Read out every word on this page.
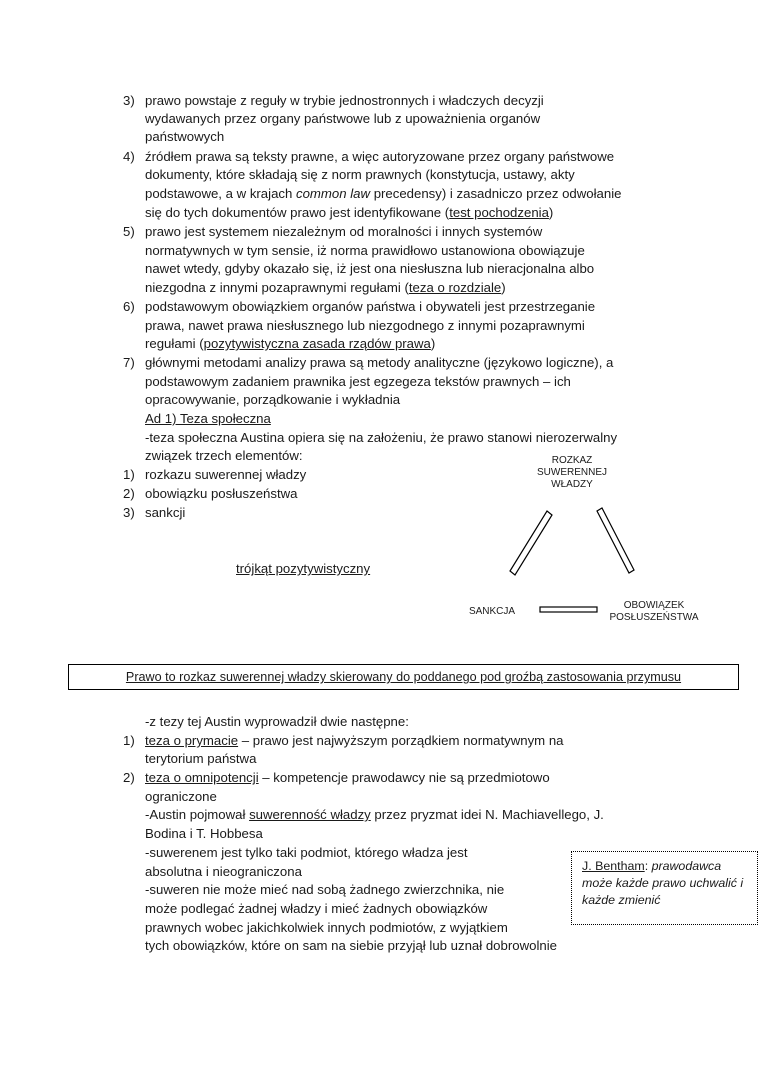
3) prawo powstaje z reguły w trybie jednostronnych i władczych decyzji
wydawanych przez organy państwowe lub z upoważnienia organów
państwowych
4) źródłem prawa są teksty prawne, a więc autoryzowane przez organy państwowe
dokumenty, które składają się z norm prawnych (konstytucja, ustawy, akty
podstawowe, a w krajach common law precedensy) i zasadniczo przez odwołanie
się do tych dokumentów prawo jest identyfikowane (test pochodzenia)
5) prawo jest systemem niezależnym od moralności i innych systemów
normatywnych w tym sensie, iż norma prawidłowo ustanowiona obowiązuje
nawet wtedy, gdyby okazało się, iż jest ona niesłuszna lub nieracjonalna albo
niezgodna z innymi pozaprawnymi regułami (teza o rozdziale)
6) podstawowym obowiązkiem organów państwa i obywateli jest przestrzeganie
prawa, nawet prawa niesłusznego lub niezgodnego z innymi pozaprawnymi
regułami (pozytywistyczna zasada rządów prawa)
7) głównymi metodami analizy prawa są metody analityczne (językowo logiczne), a
podstawowym zadaniem prawnika jest egzegeza tekstów prawnych – ich
opracowywanie, porządkowanie i wykładnia
Ad 1) Teza społeczna
-teza społeczna Austina opiera się na założeniu, że prawo stanowi nierozerwalny
związek trzech elementów:
1) rozkazu suwerennej władzy
2) obowiązku posłuszeństwa
3) sankcji
trójkąt pozytywistyczny
ROZKAZ
SUWERENNEJ
WŁADZY
SANKCJA
OBOWIĄZEK
POSŁUSZEŃSTWA
Prawo to rozkaz suwerennej władzy skierowany do poddanego pod groźbą zastosowania przymusu
-z tezy tej Austin wyprowadził dwie następne:
1) teza o prymacie – prawo jest najwyższym porządkiem normatywnym na
terytorium państwa
2) teza o omnipotencji – kompetencje prawodawcy nie są przedmiotowo
ograniczone
-Austin pojmował suwerenność władzy przez pryzmat idei N. Machiavellego, J.
Bodina i T. Hobbesa
-suwerenem jest tylko taki podmiot, którego władza jest
absolutna i nieograniczona
-suweren nie może mieć nad sobą żadnego zwierzchnika, nie
może podlegać żadnej władzy i mieć żadnych obowiązków
prawnych wobec jakichkolwiek innych podmiotów, z wyjątkiem
tych obowiązków, które on sam na siebie przyjął lub uznał dobrowolnie
J. Bentham: prawodawca
może każde prawo uchwalić i
każde zmienić
